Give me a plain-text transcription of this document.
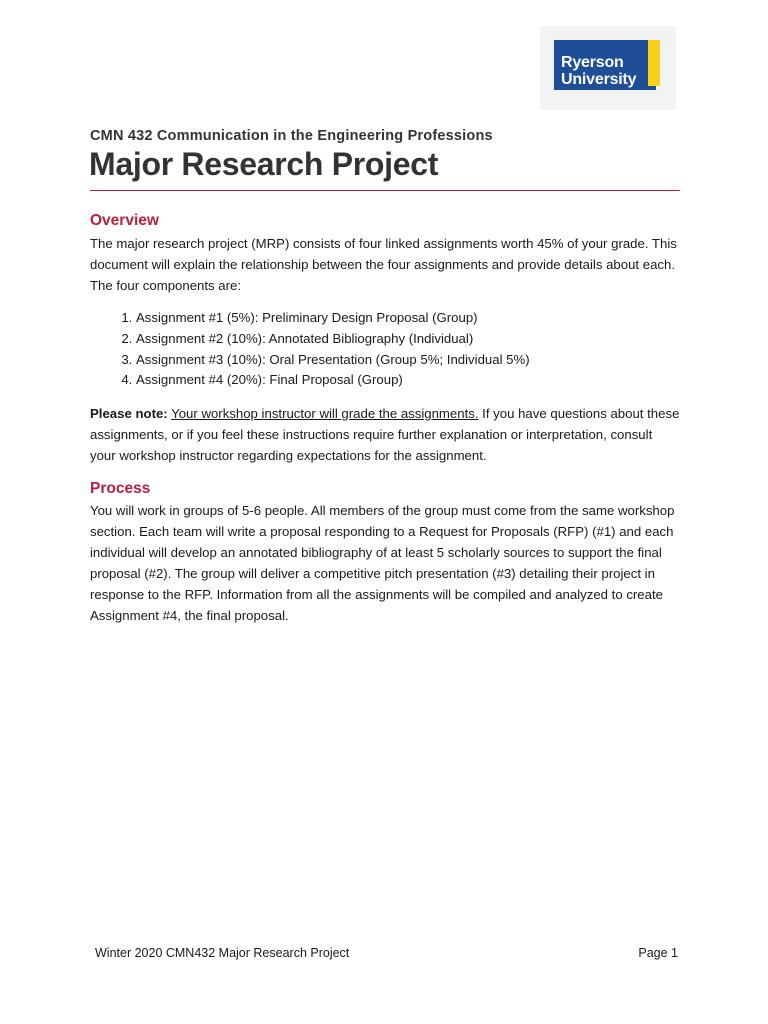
Ryerson
University
CMN 432 Communication in the Engineering Professions
Major Research Project
Overview

The major research project (MRP) consists of four linked assignments worth 45% of your grade. This document will explain the relationship between the four assignments and provide details about each. The four components are:

1. Assignment #1 (5%): Preliminary Design Proposal (Group)
2. Assignment #2 (10%): Annotated Bibliography (Individual)
3. Assignment #3 (10%): Oral Presentation (Group 5%; Individual 5%)
4. Assignment #4 (20%): Final Proposal (Group)

Please note: Your workshop instructor will grade the assignments. If you have questions about these assignments, or if you feel these instructions require further explanation or interpretation, consult your workshop instructor regarding expectations for the assignment.

Process

You will work in groups of 5-6 people. All members of the group must come from the same workshop section. Each team will write a proposal responding to a Request for Proposals (RFP) (#1) and each individual will develop an annotated bibliography of at least 5 scholarly sources to support the final proposal (#2). The group will deliver a competitive pitch presentation (#3) detailing their project in response to the RFP. Information from all the assignments will be compiled and analyzed to create Assignment #4, the final proposal.

Winter 2020 CMN432 Major Research Project	Page 1
